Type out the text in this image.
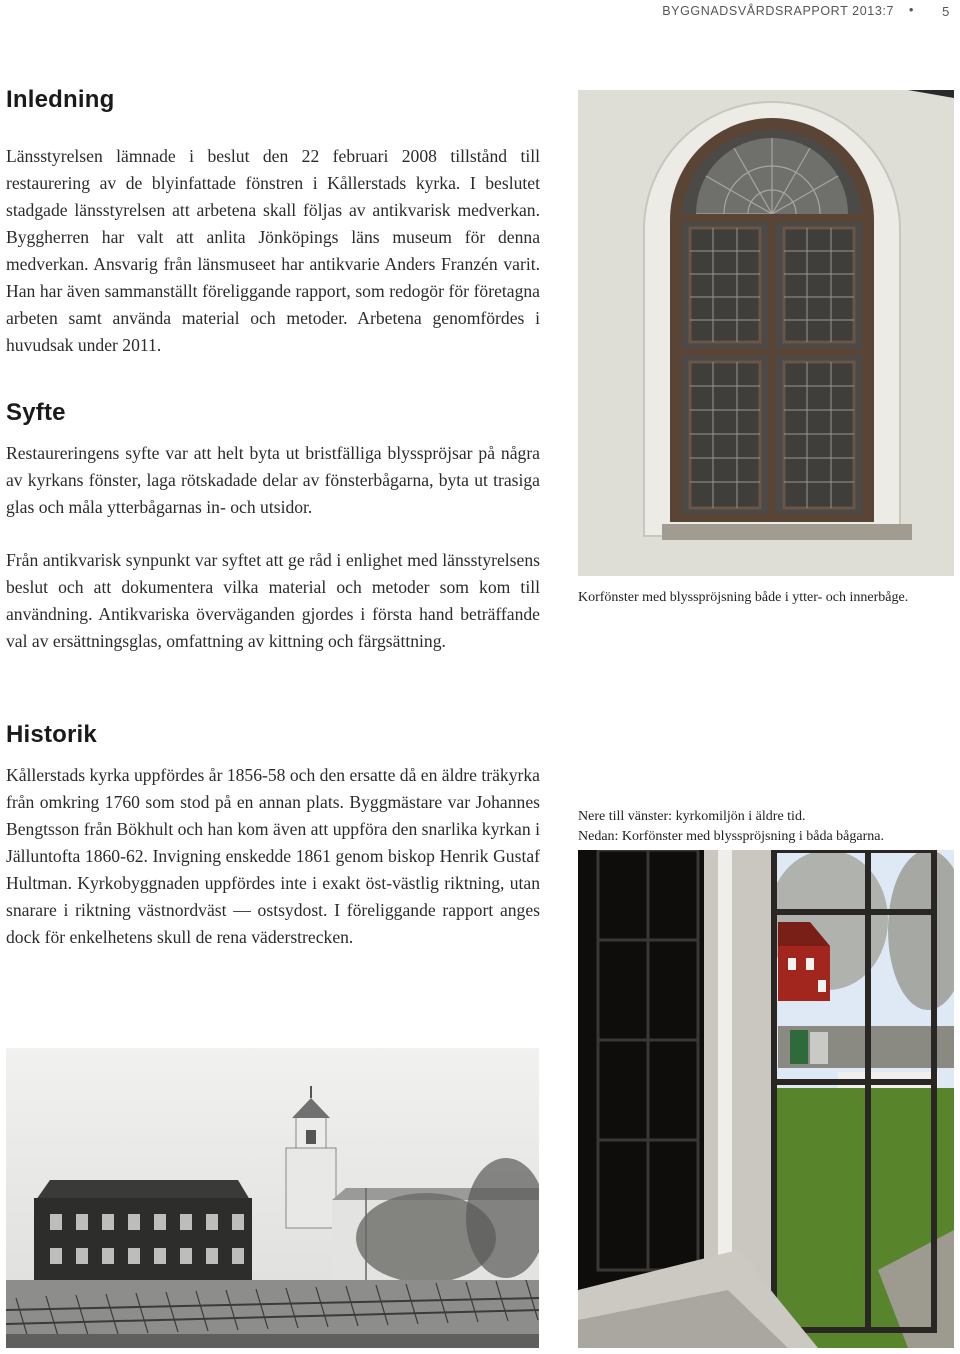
BYGGNADSVÅRDSRAPPORT 2013:7 • 5
Inledning

Länsstyrelsen lämnade i beslut den 22 februari 2008 tillstånd till restaurering av de blyinfattade fönstren i Kållerstads kyrka. I beslutet stadgade länsstyrelsen att arbetena skall följas av antikvarisk medverkan. Byggherren har valt att anlita Jönköpings läns museum för denna medverkan. Ansvarig från länsmuseet har antikvarie Anders Franzén varit. Han har även sammanställt föreliggande rapport, som redogör för företagna arbeten samt använda material och metoder. Arbetena genomfördes i huvudsak under 2011.

Syfte

Restaureringens syfte var att helt byta ut bristfälliga blysspröjsar på några av kyrkans fönster, laga rötskadade delar av fönsterbågarna, byta ut trasiga glas och måla ytterbågarnas in- och utsidor.

Från antikvarisk synpunkt var syftet att ge råd i enlighet med länsstyrelsens beslut och att dokumentera vilka material och metoder som kom till användning. Antikvariska överväganden gjordes i första hand beträffande val av ersättningsglas, omfattning av kittning och färgsättning.

Historik

Kållerstads kyrka uppfördes år 1856-58 och den ersatte då en äldre träkyrka från omkring 1760 som stod på en annan plats. Byggmästare var Johannes Bengtsson från Bökhult och han kom även att uppföra den snarlika kyrkan i Jälluntofta 1860-62. Invigning enskedde 1861 genom biskop Henrik Gustaf Hultman. Kyrkobyggnaden uppfördes inte i exakt öst-västlig riktning, utan snarare i riktning västnordväst — ostsydost. I föreliggande rapport anges dock för enkelhetens skull de rena väderstrecken.

Korfönster med blysspröjsning både i ytter- och innerbåge.
Nere till vänster: kyrkomiljön i äldre tid.
Nedan: Korfönster med blysspröjsning i båda bågarna.
